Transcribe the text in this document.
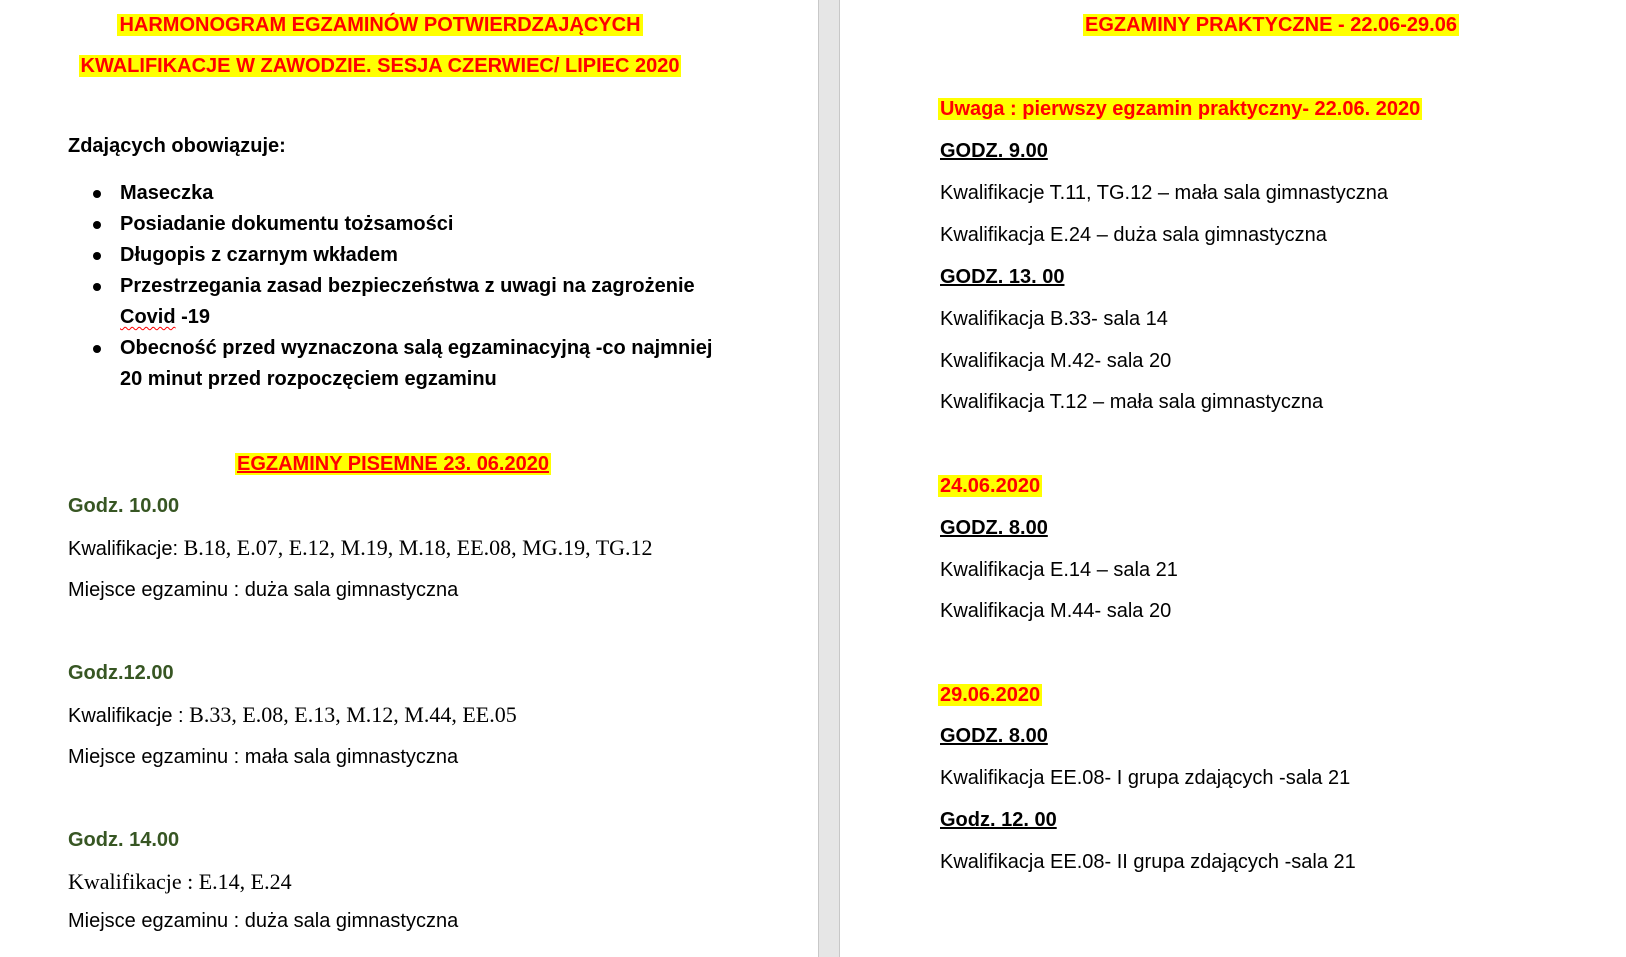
HARMONOGRAM EGZAMINÓW POTWIERDZAJĄCYCH
KWALIFIKACJE W ZAWODZIE. SESJA CZERWIEC/ LIPIEC 2020
Zdających obowiązuje:
Maseczka
Posiadanie dokumentu tożsamości
Długopis z czarnym wkładem
Przestrzegania zasad bezpieczeństwa z uwagi na zagrożenie
Covid -19
Obecność przed wyznaczona salą egzaminacyjną -co najmniej
20 minut przed rozpoczęciem egzaminu
EGZAMINY PISEMNE 23. 06.2020
Godz. 10.00
Kwalifikacje: B.18, E.07, E.12, M.19, M.18, EE.08, MG.19, TG.12
Miejsce egzaminu : duża sala gimnastyczna
Godz.12.00
Kwalifikacje : B.33, E.08, E.13, M.12, M.44, EE.05
Miejsce egzaminu : mała sala gimnastyczna
Godz. 14.00
Kwalifikacje : E.14, E.24
Miejsce egzaminu : duża sala gimnastyczna
EGZAMINY PRAKTYCZNE - 22.06-29.06
Uwaga : pierwszy egzamin praktyczny- 22.06. 2020
GODZ. 9.00
Kwalifikacje T.11, TG.12 – mała sala gimnastyczna
Kwalifikacja E.24 – duża sala gimnastyczna
GODZ. 13. 00
Kwalifikacja B.33- sala 14
Kwalifikacja M.42- sala 20
Kwalifikacja T.12 – mała sala gimnastyczna
24.06.2020
GODZ. 8.00
Kwalifikacja E.14 – sala 21
Kwalifikacja M.44- sala 20
29.06.2020
GODZ. 8.00
Kwalifikacja EE.08- I grupa zdających -sala 21
Godz. 12. 00
Kwalifikacja EE.08- II grupa zdających -sala 21
